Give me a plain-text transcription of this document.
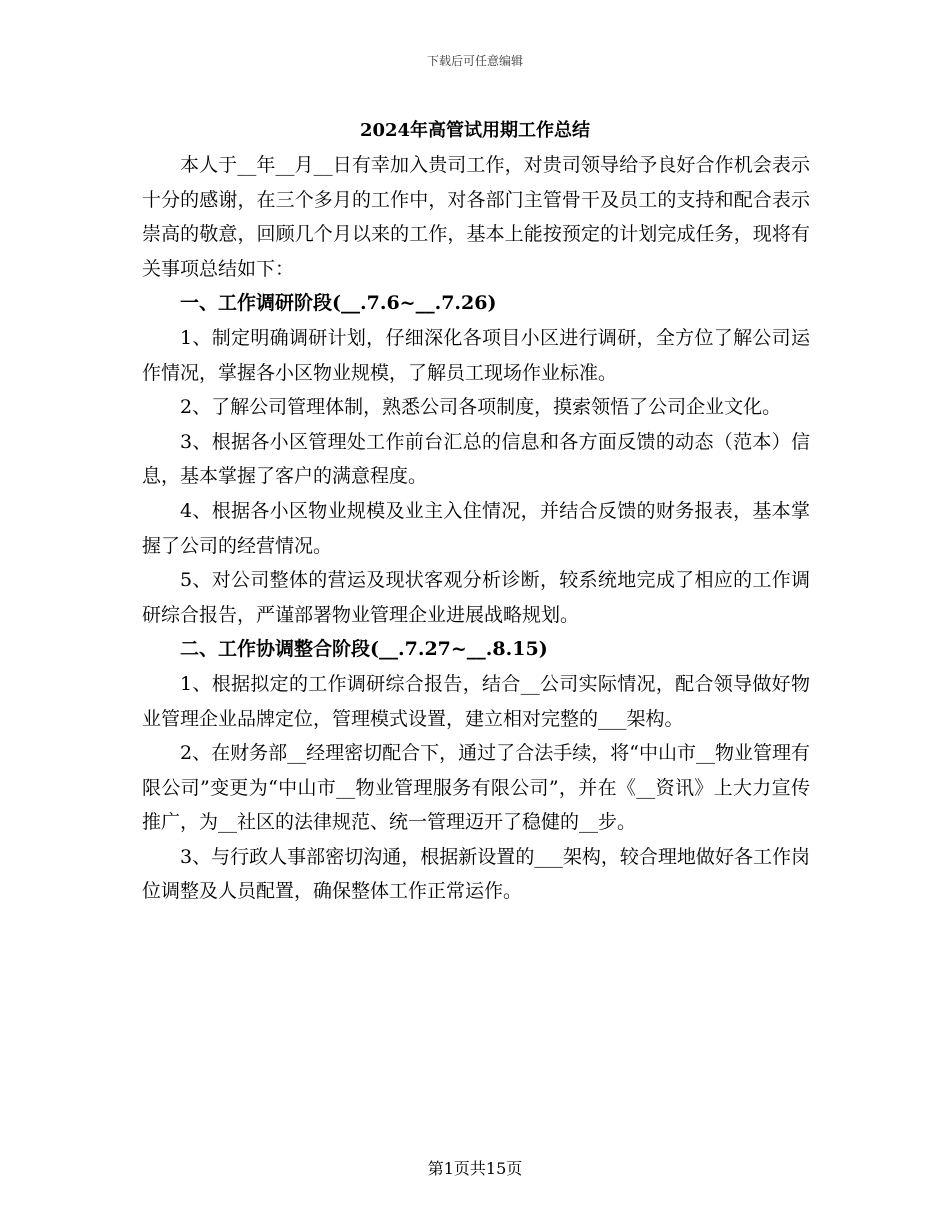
下载后可任意编辑
2024年高管试用期工作总结

本人于__年__月__日有幸加入贵司工作，对贵司领导给予良好合作机会表示十分的感谢，在三个多月的工作中，对各部门主管骨干及员工的支持和配合表示崇高的敬意，回顾几个月以来的工作，基本上能按预定的计划完成任务，现将有关事项总结如下：

一、工作调研阶段(__.7.6~__.7.26)

1、制定明确调研计划，仔细深化各项目小区进行调研，全方位了解公司运作情况，掌握各小区物业规模，了解员工现场作业标准。

2、了解公司管理体制，熟悉公司各项制度，摸索领悟了公司企业文化。

3、根据各小区管理处工作前台汇总的信息和各方面反馈的动态（范本）信息，基本掌握了客户的满意程度。

4、根据各小区物业规模及业主入住情况，并结合反馈的财务报表，基本掌握了公司的经营情况。

5、对公司整体的营运及现状客观分析诊断，较系统地完成了相应的工作调研综合报告，严谨部署物业管理企业进展战略规划。

二、工作协调整合阶段(__.7.27~__.8.15)

1、根据拟定的工作调研综合报告，结合__公司实际情况，配合领导做好物业管理企业品牌定位，管理模式设置，建立相对完整的___架构。

2、在财务部__经理密切配合下，通过了合法手续，将“中山市__物业管理有限公司”变更为“中山市__物业管理服务有限公司”，并在《__资讯》上大力宣传推广，为__社区的法律规范、统一管理迈开了稳健的__步。

3、与行政人事部密切沟通，根据新设置的___架构，较合理地做好各工作岗位调整及人员配置，确保整体工作正常运作。

第1页共15页
